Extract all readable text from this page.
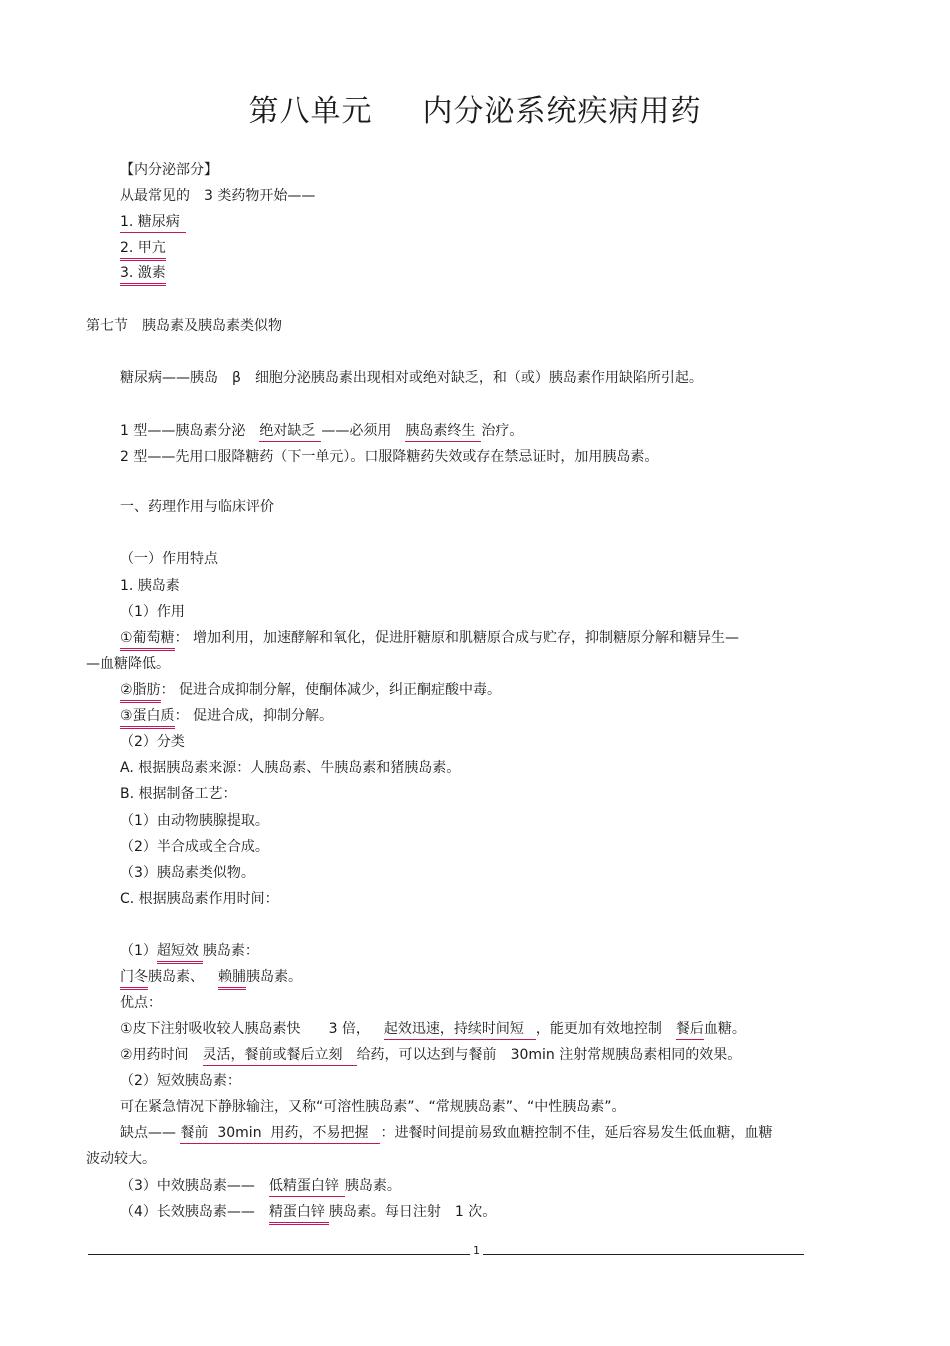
第八单元 内分泌系统疾病用药
【内分泌部分】
从最常见的 3 类药物开始——
1. 糖尿病
2. 甲亢
3. 激素
第七节 胰岛素及胰岛素类似物
糖尿病——胰岛 β 细胞分泌胰岛素出现相对或绝对缺乏，和（或）胰岛素作用缺陷所引起。
1 型——胰岛素分泌 绝对缺乏 ——必须用 胰岛素终生 治疗。
2 型——先用口服降糖药（下一单元）。口服降糖药失效或存在禁忌证时，加用胰岛素。
一、药理作用与临床评价
（一）作用特点
1. 胰岛素
（1）作用
①葡萄糖： 增加利用，加速酵解和氧化，促进肝糖原和肌糖原合成与贮存，抑制糖原分解和糖异生—
—血糖降低。
②脂肪： 促进合成抑制分解，使酮体减少，纠正酮症酸中毒。
③蛋白质： 促进合成，抑制分解。
（2）分类
A. 根据胰岛素来源：人胰岛素、牛胰岛素和猪胰岛素。
B. 根据制备工艺：
（1）由动物胰腺提取。
（2）半合成或全合成。
（3）胰岛素类似物。
C. 根据胰岛素作用时间：
（1）超短效 胰岛素：
门冬胰岛素、 赖脯胰岛素。
优点：
①皮下注射吸收较人胰岛素快 3 倍， 起效迅速，持续时间短 ，能更加有效地控制 餐后血糖。
②用药时间 灵活，餐前或餐后立刻 给药，可以达到与餐前 30min 注射常规胰岛素相同的效果。
（2）短效胰岛素：
可在紧急情况下静脉输注，又称“可溶性胰岛素”、“常规胰岛素”、“中性胰岛素”。
缺点—— 餐前  30min  用药，不易把握 ：进餐时间提前易致血糖控制不佳，延后容易发生低血糖，血糖
波动较大。
（3）中效胰岛素—— 低精蛋白锌 胰岛素。
（4）长效胰岛素—— 精蛋白锌 胰岛素。每日注射 1 次。
1
